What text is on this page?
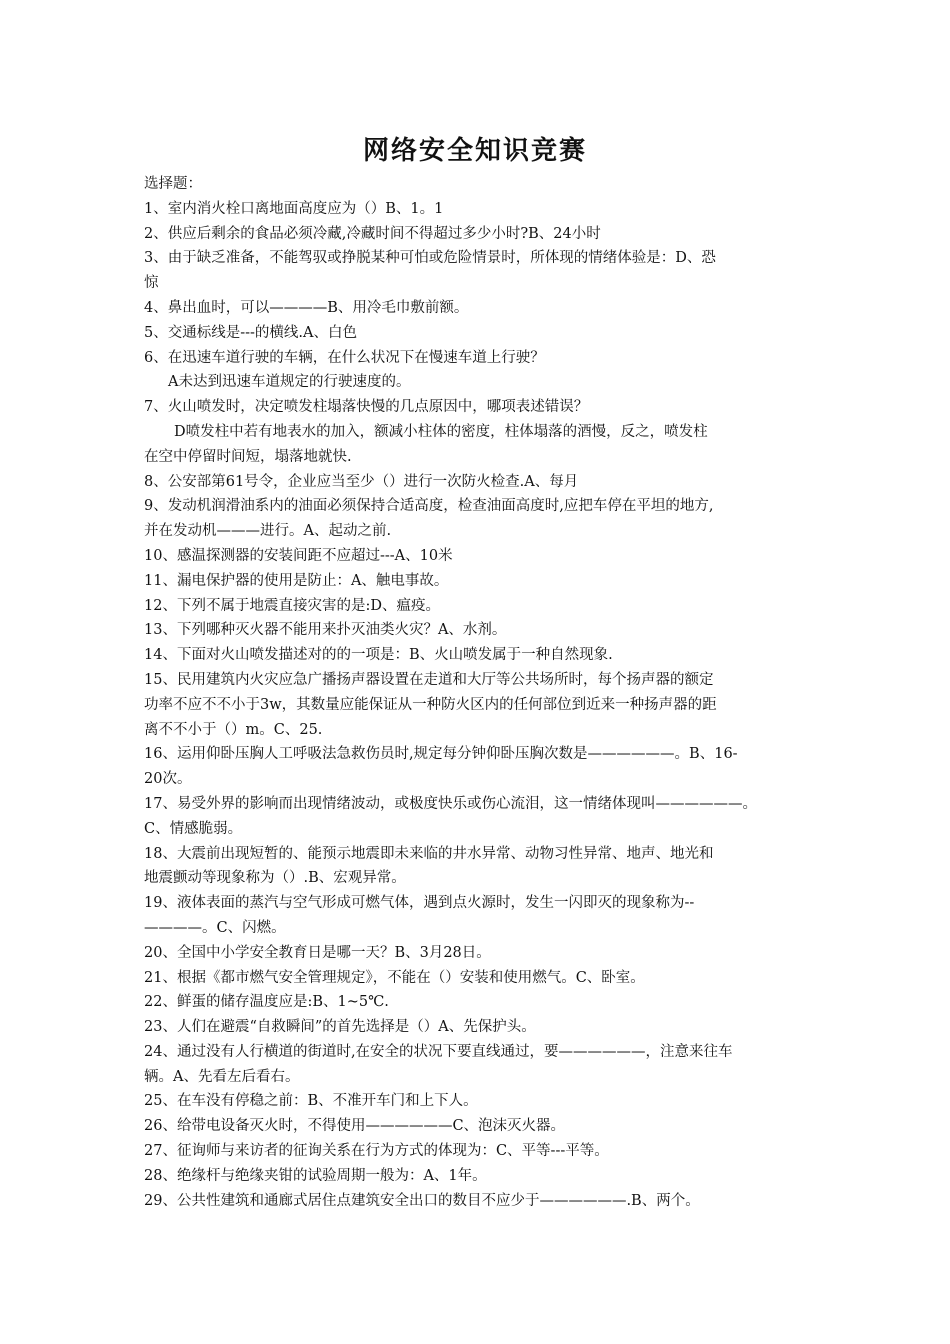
网络安全知识竞赛
选择题：
1、室内消火栓口离地面高度应为（）B、1。1
2、供应后剩余的食品必须冷藏,冷藏时间不得超过多少小时?B、24小时
3、由于缺乏准备，不能驾驭或挣脱某种可怕或危险情景时，所体现的情绪体验是：D、恐
惊
4、鼻出血时，可以————B、用冷毛巾敷前额。
5、交通标线是---的横线.A、白色
6、在迅速车道行驶的车辆，在什么状况下在慢速车道上行驶？
A未达到迅速车道规定的行驶速度的。
7、火山喷发时，决定喷发柱塌落快慢的几点原因中，哪项表述错误？
D喷发柱中若有地表水的加入，额减小柱体的密度，柱体塌落的酒慢，反之，喷发柱
在空中停留时间短，塌落地就快.
8、公安部第61号令，企业应当至少（）进行一次防火检查.A、每月
9、发动机润滑油系内的油面必须保持合适高度，检查油面高度时,应把车停在平坦的地方,
并在发动机———进行。A、起动之前.
10、感温探测器的安装间距不应超过---A、10米
11、漏电保护器的使用是防止：A、触电事故。
12、下列不属于地震直接灾害的是:D、瘟疫。
13、下列哪种灭火器不能用来扑灭油类火灾？A、水剂。
14、下面对火山喷发描述对的的一项是：B、火山喷发属于一种自然现象.
15、民用建筑内火灾应急广播扬声器设置在走道和大厅等公共场所时，每个扬声器的额定
功率不应不不小于3w，其数量应能保证从一种防火区内的任何部位到近来一种扬声器的距
离不不小于（）m。C、25.
16、运用仰卧压胸人工呼吸法急救伤员时,规定每分钟仰卧压胸次数是——————。B、16-
20次。
17、易受外界的影响而出现情绪波动，或极度快乐或伤心流泪，这一情绪体现叫——————。
C、情感脆弱。
18、大震前出现短暂的、能预示地震即未来临的井水异常、动物习性异常、地声、地光和
地震颤动等现象称为（）.B、宏观异常。
19、液体表面的蒸汽与空气形成可燃气体，遇到点火源时，发生一闪即灭的现象称为--
————。C、闪燃。
20、全国中小学安全教育日是哪一天？B、3月28日。
21、根据《都市燃气安全管理规定》，不能在（）安装和使用燃气。C、卧室。
22、鲜蛋的储存温度应是:B、1~5℃.
23、人们在避震“自救瞬间”的首先选择是（）A、先保护头。
24、通过没有人行横道的街道时,在安全的状况下要直线通过，要——————，注意来往车
辆。A、先看左后看右。
25、在车没有停稳之前：B、不准开车门和上下人。
26、给带电设备灭火时，不得使用——————C、泡沫灭火器。
27、征询师与来访者的征询关系在行为方式的体现为：C、平等---平等。
28、绝缘杆与绝缘夹钳的试验周期一般为：A、1年。
29、公共性建筑和通廊式居住点建筑安全出口的数目不应少于——————.B、两个。
